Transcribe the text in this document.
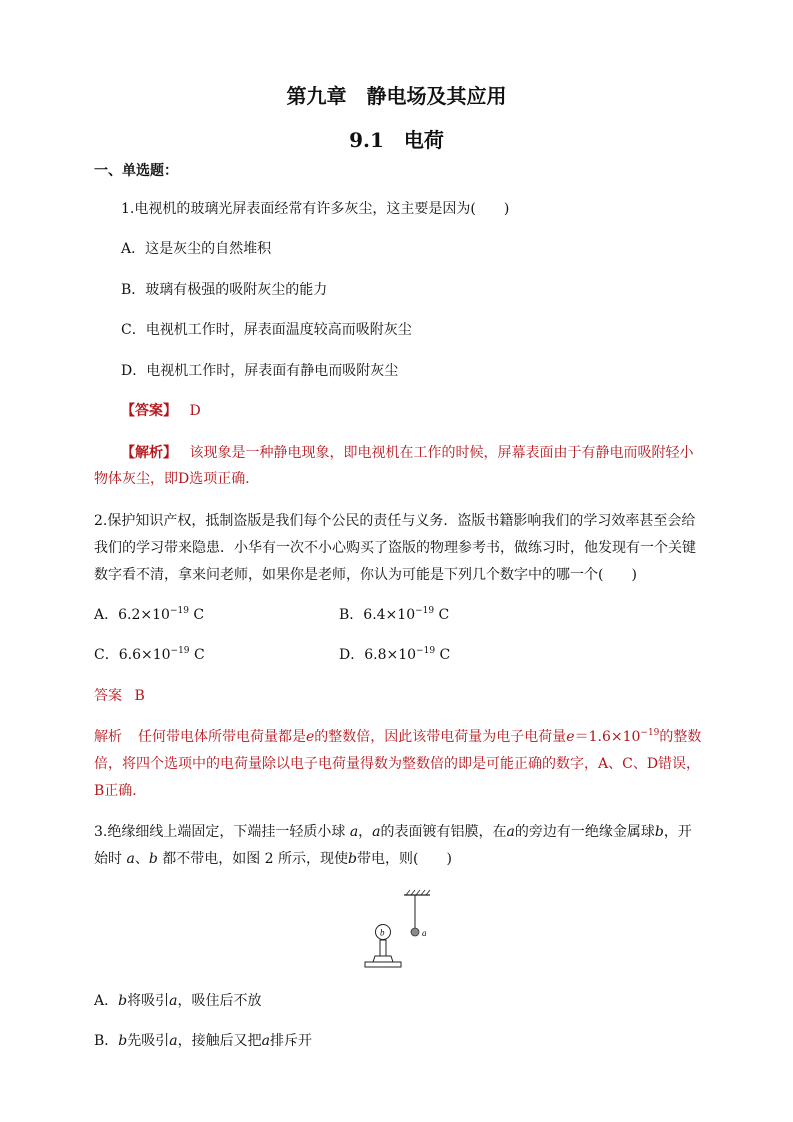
第九章　静电场及其应用
9.1　电荷
一、单选题：
1.电视机的玻璃光屏表面经常有许多灰尘，这主要是因为(　　)
A．这是灰尘的自然堆积
B．玻璃有极强的吸附灰尘的能力
C．电视机工作时，屏表面温度较高而吸附灰尘
D．电视机工作时，屏表面有静电而吸附灰尘
【答案】 D
【解析】 该现象是一种静电现象，即电视机在工作的时候，屏幕表面由于有静电而吸附轻小
物体灰尘，即D选项正确．
2.保护知识产权，抵制盗版是我们每个公民的责任与义务．盗版书籍影响我们的学习效率甚至会给
我们的学习带来隐患．小华有一次不小心购买了盗版的物理参考书，做练习时，他发现有一个关键
数字看不清，拿来问老师，如果你是老师，你认为可能是下列几个数字中的哪一个(　　)
A．$6.2\times 10^{-19}$ C	B．$6.4\times 10^{-19}$ C
C．$6.6\times 10^{-19}$ C	D．$6.8\times 10^{-19}$ C
答案 B
解析 任何带电体所带电荷量都是e的整数倍，因此该带电荷量为电子电荷量$e=1.6\times 10^{-19}$的整数
倍，将四个选项中的电荷量除以电子电荷量得数为整数倍的即是可能正确的数字，A、C、D错误，
B正确．
3.绝缘细线上端固定，下端挂一轻质小球 a，a的表面镀有铝膜，在a的旁边有一绝缘金属球b，开
始时 a、b 都不带电，如图 2 所示，现使b带电，则(　　)
a
b
A．b将吸引a，吸住后不放
B．b先吸引a，接触后又把a排斥开
